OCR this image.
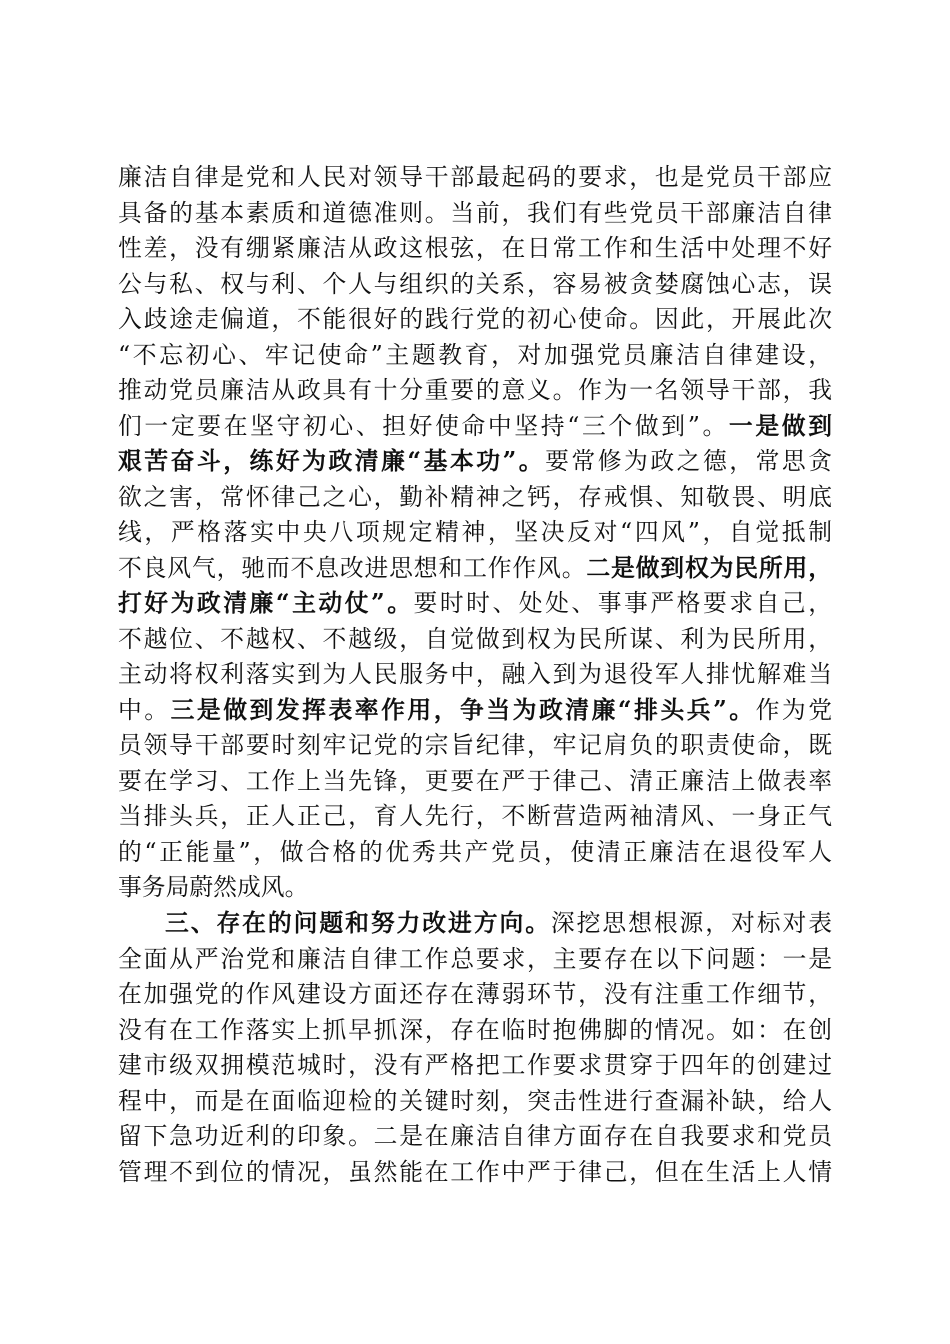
廉洁自律是党和人民对领导干部最起码的要求，也是党员干部应
具备的基本素质和道德准则。当前，我们有些党员干部廉洁自律
性差，没有绷紧廉洁从政这根弦，在日常工作和生活中处理不好
公与私、权与利、个人与组织的关系，容易被贪婪腐蚀心志，误
入歧途走偏道，不能很好的践行党的初心使命。因此，开展此次
“不忘初心、牢记使命”主题教育，对加强党员廉洁自律建设，
推动党员廉洁从政具有十分重要的意义。作为一名领导干部，我
们一定要在坚守初心、担好使命中坚持“三个做到”。一是做到
艰苦奋斗，练好为政清廉“基本功”。要常修为政之德，常思贪
欲之害，常怀律己之心，勤补精神之钙，存戒惧、知敬畏、明底
线，严格落实中央八项规定精神，坚决反对“四风”，自觉抵制
不良风气，驰而不息改进思想和工作作风。二是做到权为民所用，
打好为政清廉“主动仗”。要时时、处处、事事严格要求自己，
不越位、不越权、不越级，自觉做到权为民所谋、利为民所用，
主动将权利落实到为人民服务中，融入到为退役军人排忧解难当
中。三是做到发挥表率作用，争当为政清廉“排头兵”。作为党
员领导干部要时刻牢记党的宗旨纪律，牢记肩负的职责使命，既
要在学习、工作上当先锋，更要在严于律己、清正廉洁上做表率
当排头兵，正人正己，育人先行，不断营造两袖清风、一身正气
的“正能量”，做合格的优秀共产党员，使清正廉洁在退役军人
事务局蔚然成风。
三、存在的问题和努力改进方向。深挖思想根源，对标对表
全面从严治党和廉洁自律工作总要求，主要存在以下问题：一是
在加强党的作风建设方面还存在薄弱环节，没有注重工作细节，
没有在工作落实上抓早抓深，存在临时抱佛脚的情况。如：在创
建市级双拥模范城时，没有严格把工作要求贯穿于四年的创建过
程中，而是在面临迎检的关键时刻，突击性进行查漏补缺，给人
留下急功近利的印象。二是在廉洁自律方面存在自我要求和党员
管理不到位的情况，虽然能在工作中严于律己，但在生活上人情
